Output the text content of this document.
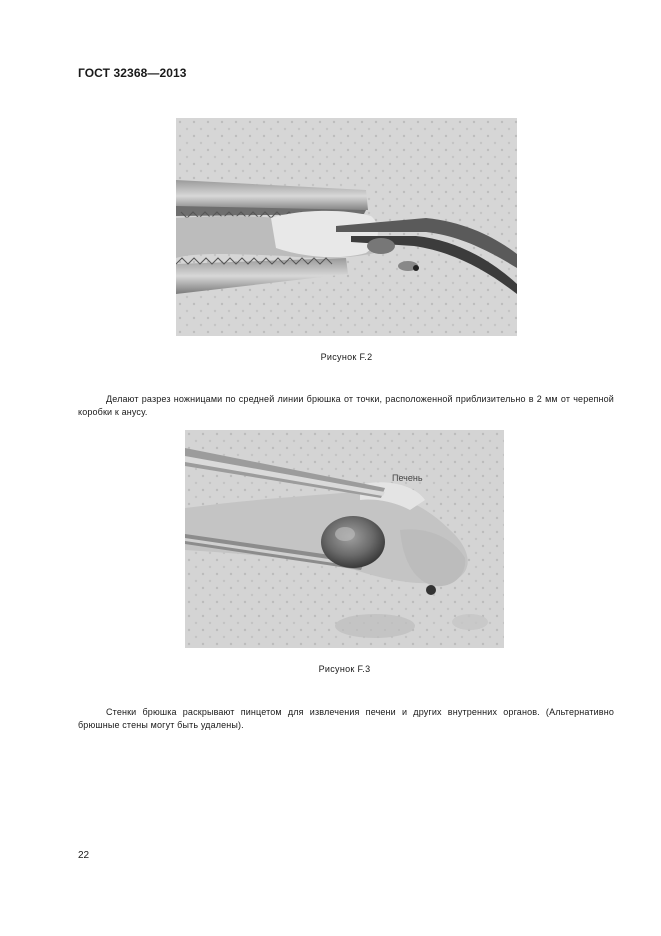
ГОСТ 32368—2013
Рисунок F.2

Делают разрез ножницами по средней линии брюшка от точки, расположенной приблизительно в 2 мм от черепной коробки к анусу.

Печень
Рисунок F.3

Стенки брюшка раскрывают пинцетом для извлечения печени и других внутренних органов. (Альтернативно брюшные стены могут быть удалены).

22
